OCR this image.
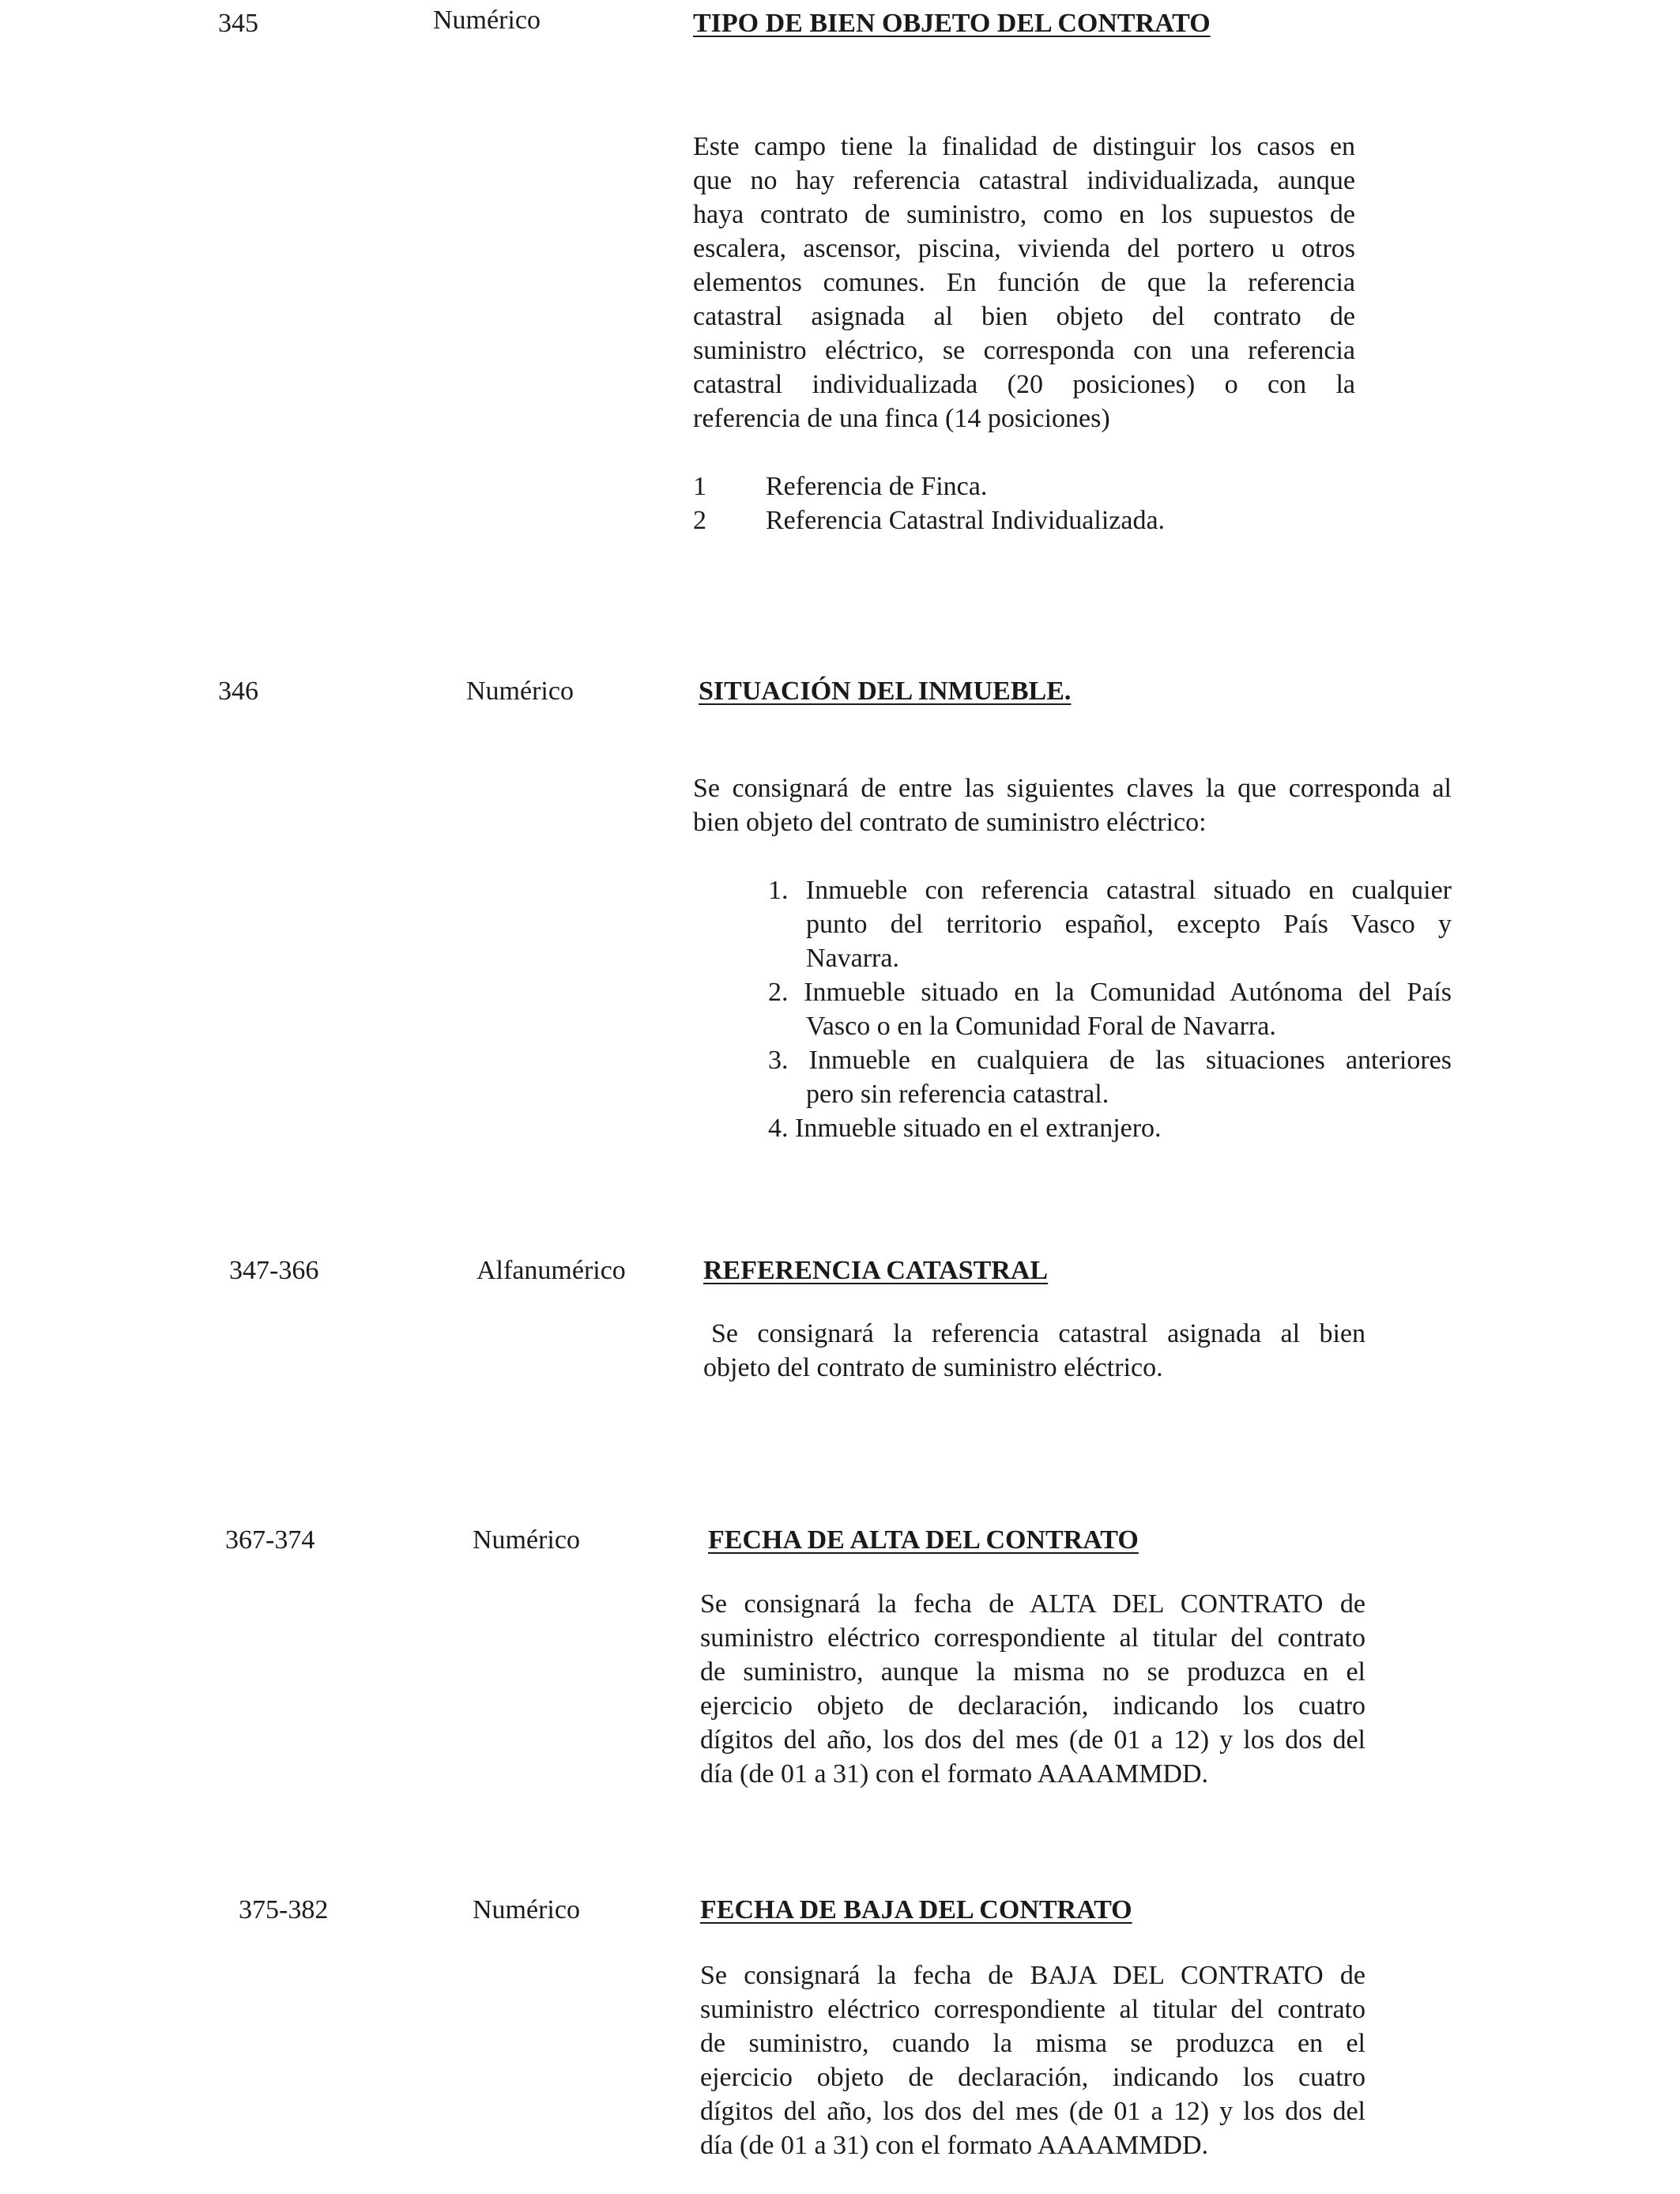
345	Numérico	TIPO DE BIEN OBJETO DEL CONTRATO
Este campo tiene la finalidad de distinguir los casos en
que no hay referencia catastral individualizada, aunque
haya contrato de suministro, como en los supuestos de
escalera, ascensor, piscina, vivienda del portero u otros
elementos comunes. En función de que la referencia
catastral asignada al bien objeto del contrato de
suministro eléctrico, se corresponda con una referencia
catastral individualizada (20 posiciones) o con la
referencia de una finca (14 posiciones)
1 Referencia de Finca.
2 Referencia Catastral Individualizada.
346	Numérico	SITUACIÓN DEL INMUEBLE.
Se consignará de entre las siguientes claves la que corresponda al
bien objeto del contrato de suministro eléctrico:
1. Inmueble con referencia catastral situado en cualquier
punto del territorio español, excepto País Vasco y
Navarra.
2. Inmueble situado en la Comunidad Autónoma del País
Vasco o en la Comunidad Foral de Navarra.
3. Inmueble en cualquiera de las situaciones anteriores
pero sin referencia catastral.
4. Inmueble situado en el extranjero.
347-366	Alfanumérico	REFERENCIA CATASTRAL
Se consignará la referencia catastral asignada al bien
objeto del contrato de suministro eléctrico.
367-374	Numérico	FECHA DE ALTA DEL CONTRATO
Se consignará la fecha de ALTA DEL CONTRATO de
suministro eléctrico correspondiente al titular del contrato
de suministro, aunque la misma no se produzca en el
ejercicio objeto de declaración, indicando los cuatro
dígitos del año, los dos del mes (de 01 a 12) y los dos del
día (de 01 a 31) con el formato AAAAMMDD.
375-382	Numérico	FECHA DE BAJA DEL CONTRATO
Se consignará la fecha de BAJA DEL CONTRATO de
suministro eléctrico correspondiente al titular del contrato
de suministro, cuando la misma se produzca en el
ejercicio objeto de declaración, indicando los cuatro
dígitos del año, los dos del mes (de 01 a 12) y los dos del
día (de 01 a 31) con el formato AAAAMMDD.
